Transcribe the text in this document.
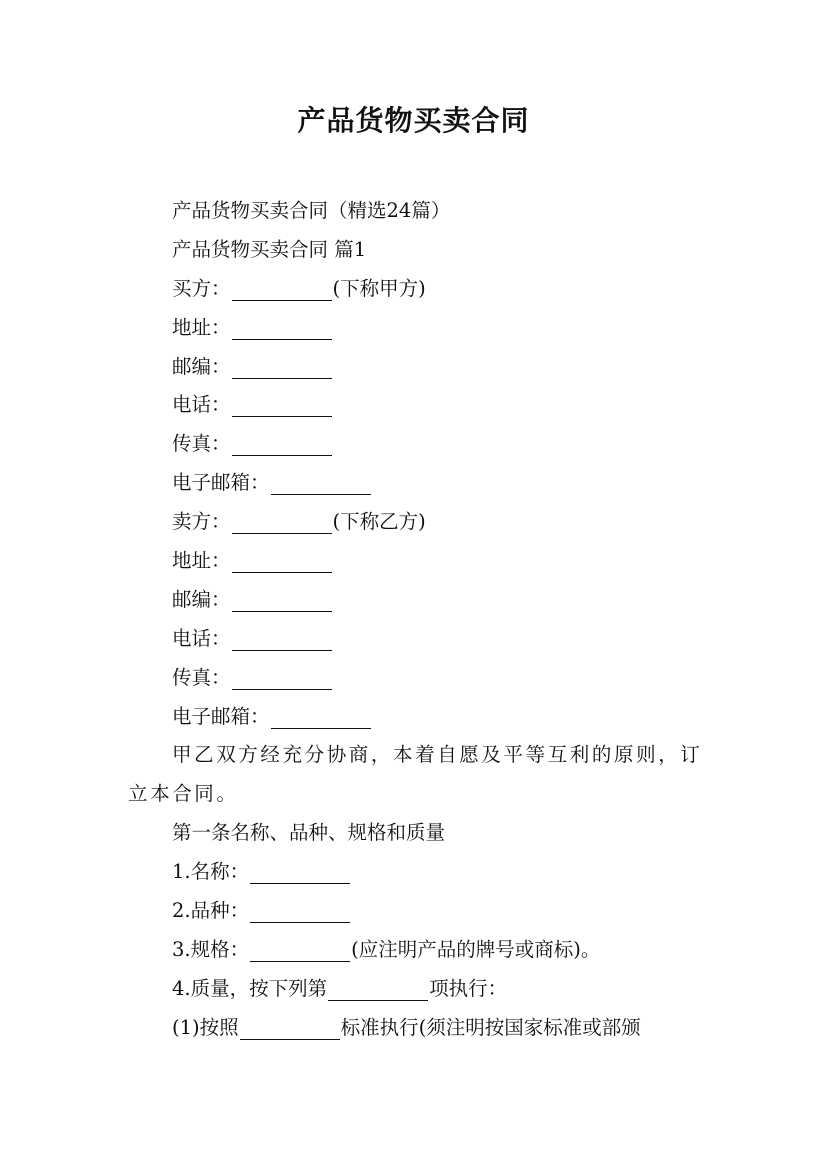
产品货物买卖合同
产品货物买卖合同（精选24篇）
产品货物买卖合同 篇1
买方：	(下称甲方)
地址：
邮编：
电话：
传真：
电子邮箱：
卖方：	(下称乙方)
地址：
邮编：
电话：
传真：
电子邮箱：
甲乙双方经充分协商，本着自愿及平等互利的原则，订立本合同。
第一条名称、品种、规格和质量
1.名称：
2.品种：
3.规格：	(应注明产品的牌号或商标)。
4.质量，按下列第	项执行：
(1)按照	标准执行(须注明按国家标准或部颁
